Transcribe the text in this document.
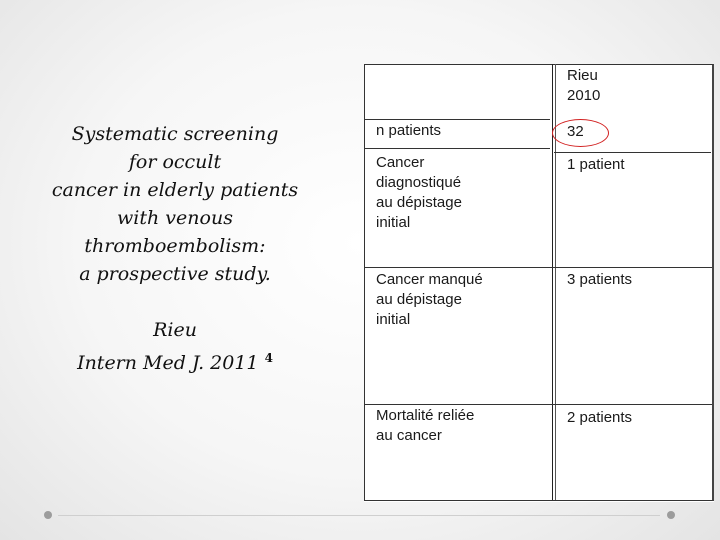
Systematic screening
for occult
cancer in elderly patients
with venous
thromboembolism:
a prospective study.
Rieu
Intern Med J. 2011 $^4$
Rieu
2010
n patients	32
Cancer
diagnostiqué
au dépistage
initial
1 patient
Cancer manqué
au dépistage
initial
3 patients
Mortalité reliée
au cancer
2 patients
